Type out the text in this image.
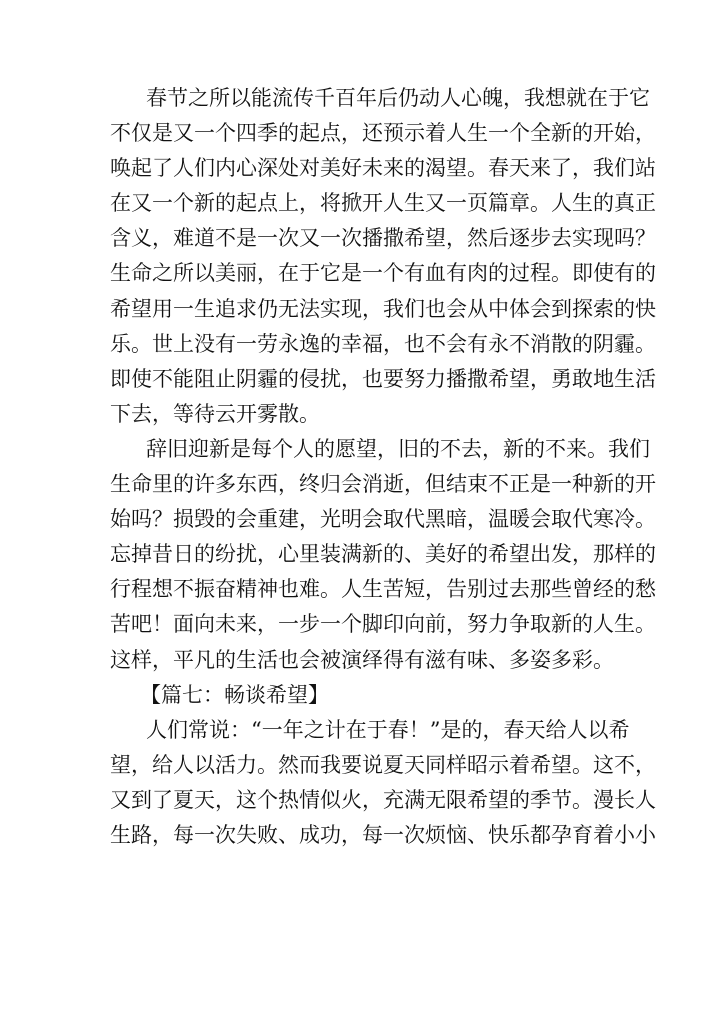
春节之所以能流传千百年后仍动人心魄，我想就在于它
不仅是又一个四季的起点，还预示着人生一个全新的开始，
唤起了人们内心深处对美好未来的渴望。春天来了，我们站
在又一个新的起点上，将掀开人生又一页篇章。人生的真正
含义，难道不是一次又一次播撒希望，然后逐步去实现吗？
生命之所以美丽，在于它是一个有血有肉的过程。即使有的
希望用一生追求仍无法实现，我们也会从中体会到探索的快
乐。世上没有一劳永逸的幸福，也不会有永不消散的阴霾。
即使不能阻止阴霾的侵扰，也要努力播撒希望，勇敢地生活
下去，等待云开雾散。
辞旧迎新是每个人的愿望，旧的不去，新的不来。我们
生命里的许多东西，终归会消逝，但结束不正是一种新的开
始吗？损毁的会重建，光明会取代黑暗，温暖会取代寒冷。
忘掉昔日的纷扰，心里装满新的、美好的希望出发，那样的
行程想不振奋精神也难。人生苦短，告别过去那些曾经的愁
苦吧！面向未来，一步一个脚印向前，努力争取新的人生。
这样，平凡的生活也会被演绎得有滋有味、多姿多彩。
【篇七：畅谈希望】
人们常说：“一年之计在于春！”是的，春天给人以希
望，给人以活力。然而我要说夏天同样昭示着希望。这不，
又到了夏天，这个热情似火，充满无限希望的季节。漫长人
生路，每一次失败、成功，每一次烦恼、快乐都孕育着小小
